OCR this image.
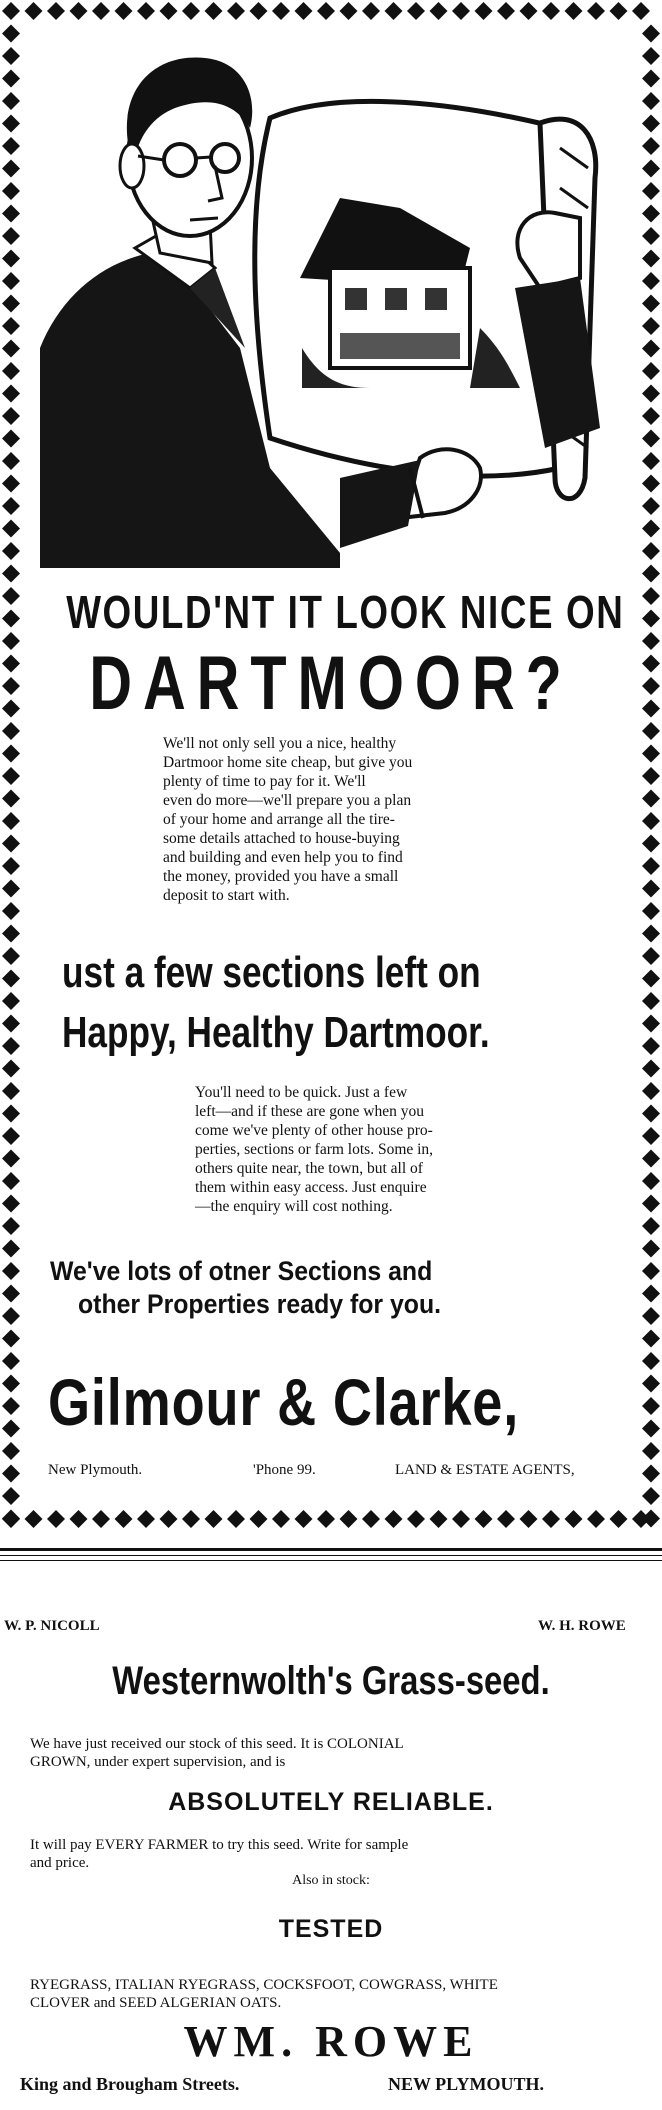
WOULD'NT IT LOOK NICE ON
DARTMOOR?
We'll not only sell you a nice, healthy
Dartmoor home site cheap, but give you
plenty of time to pay for it. We'll
even do more—we'll prepare you a plan
of your home and arrange all the tire-
some details attached to house-buying
and building and even help you to find
the money, provided you have a small
deposit to start with.
ust a few sections left on
Happy, Healthy Dartmoor.
You'll need to be quick. Just a few
left—and if these are gone when you
come we've plenty of other house pro-
perties, sections or farm lots. Some in,
others quite near, the town, but all of
them within easy access. Just enquire
—the enquiry will cost nothing.
We've lots of otner Sections and
other Properties ready for you.
Gilmour & Clarke,
New Plymouth.	'Phone 99.	LAND & ESTATE AGENTS,
W. P. NICOLL	W. H. ROWE
Westernwolth's Grass-seed.
We have just received our stock of this seed. It is COLONIAL
GROWN, under expert supervision, and is
ABSOLUTELY RELIABLE.
It will pay EVERY FARMER to try this seed. Write for sample
and price.
Also in stock:
TESTED
RYEGRASS, ITALIAN RYEGRASS, COCKSFOOT, COWGRASS, WHITE
CLOVER and SEED ALGERIAN OATS.
WM. ROWE
King and Brougham Streets.	NEW PLYMOUTH.
